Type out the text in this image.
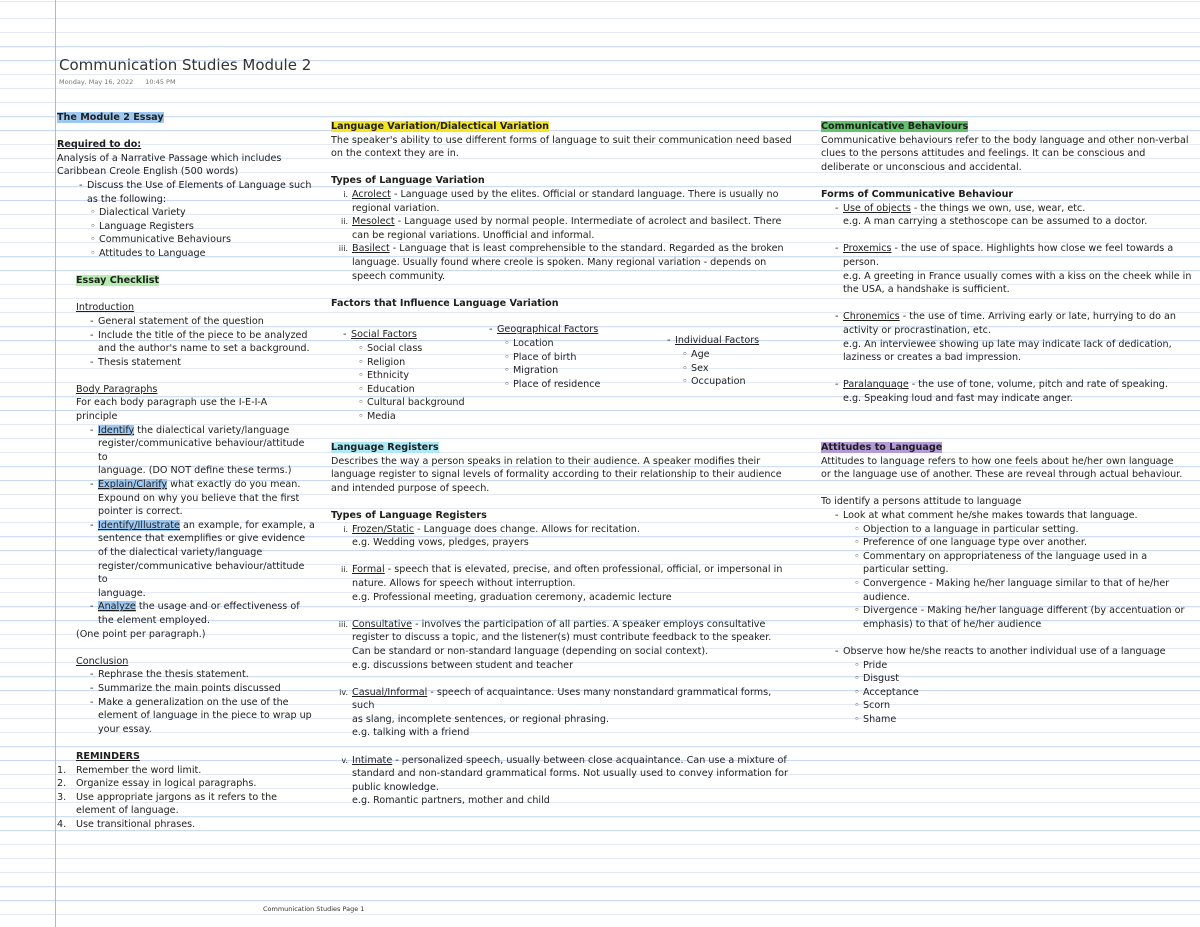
Communication Studies Module 2
Monday, May 16, 2022 10:45 PM
The Module 2 Essay
Required to do:
Analysis of a Narrative Passage which includes
Caribbean Creole English (500 words)
- Discuss the Use of Elements of Language such
as the following:
◦ Dialectical Variety
◦ Language Registers
◦ Communicative Behaviours
◦ Attitudes to Language
Essay Checklist
Introduction
- General statement of the question
- Include the title of the piece to be analyzed
and the author's name to set a background.
- Thesis statement
Body Paragraphs
For each body paragraph use the I-E-I-A
principle
- Identify the dialectical variety/language
register/communicative behaviour/attitude to
language. (DO NOT define these terms.)
- Explain/Clarify what exactly do you mean.
Expound on why you believe that the first
pointer is correct.
- Identify/Illustrate an example, for example, a
sentence that exemplifies or give evidence
of the dialectical variety/language
register/communicative behaviour/attitude to
language.
- Analyze the usage and or effectiveness of
the element employed.
(One point per paragraph.)
Conclusion
- Rephrase the thesis statement.
- Summarize the main points discussed
- Make a generalization on the use of the
element of language in the piece to wrap up
your essay.
REMINDERS
1. Remember the word limit.
2. Organize essay in logical paragraphs.
3. Use appropriate jargons as it refers to the
element of language.
4. Use transitional phrases.
Language Variation/Dialectical Variation
The speaker's ability to use different forms of language to suit their communication need based
on the context they are in.
Types of Language Variation
i. Acrolect - Language used by the elites. Official or standard language. There is usually no
regional variation.
ii. Mesolect - Language used by normal people. Intermediate of acrolect and basilect. There
can be regional variations. Unofficial and informal.
iii. Basilect - Language that is least comprehensible to the standard. Regarded as the broken
language. Usually found where creole is spoken. Many regional variation - depends on
speech community.
Factors that Influence Language Variation
- Social Factors
◦ Social class
◦ Religion
◦ Ethnicity
◦ Education
◦ Cultural background
◦ Media
- Geographical Factors
◦ Location
◦ Place of birth
◦ Migration
◦ Place of residence
- Individual Factors
◦ Age
◦ Sex
◦ Occupation
Communicative Behaviours
Communicative behaviours refer to the body language and other non-verbal
clues to the persons attitudes and feelings. It can be conscious and
deliberate or unconscious and accidental.
Forms of Communicative Behaviour
- Use of objects - the things we own, use, wear, etc.
e.g. A man carrying a stethoscope can be assumed to a doctor.
- Proxemics - the use of space. Highlights how close we feel towards a
person.
e.g. A greeting in France usually comes with a kiss on the cheek while in
the USA, a handshake is sufficient.
- Chronemics - the use of time. Arriving early or late, hurrying to do an
activity or procrastination, etc.
e.g. An interviewee showing up late may indicate lack of dedication,
laziness or creates a bad impression.
- Paralanguage - the use of tone, volume, pitch and rate of speaking.
e.g. Speaking loud and fast may indicate anger.
Language Registers
Describes the way a person speaks in relation to their audience. A speaker modifies their
language register to signal levels of formality according to their relationship to their audience
and intended purpose of speech.
Types of Language Registers
i. Frozen/Static - Language does change. Allows for recitation.
e.g. Wedding vows, pledges, prayers
ii. Formal - speech that is elevated, precise, and often professional, official, or impersonal in
nature. Allows for speech without interruption.
e.g. Professional meeting, graduation ceremony, academic lecture
iii. Consultative - involves the participation of all parties. A speaker employs consultative
register to discuss a topic, and the listener(s) must contribute feedback to the speaker.
Can be standard or non-standard language (depending on social context).
e.g. discussions between student and teacher
iv. Casual/Informal - speech of acquaintance. Uses many nonstandard grammatical forms, such
as slang, incomplete sentences, or regional phrasing.
e.g. talking with a friend
v. Intimate - personalized speech, usually between close acquaintance. Can use a mixture of
standard and non-standard grammatical forms. Not usually used to convey information for
public knowledge.
e.g. Romantic partners, mother and child
Attitudes to Language
Attitudes to language refers to how one feels about he/her own language
or the language use of another. These are reveal through actual behaviour.
To identify a persons attitude to language
- Look at what comment he/she makes towards that language.
◦ Objection to a language in particular setting.
◦ Preference of one language type over another.
◦ Commentary on appropriateness of the language used in a
particular setting.
◦ Convergence - Making he/her language similar to that of he/her
audience.
◦ Divergence - Making he/her language different (by accentuation or
emphasis) to that of he/her audience
- Observe how he/she reacts to another individual use of a language
◦ Pride
◦ Disgust
◦ Acceptance
◦ Scorn
◦ Shame
Communication Studies Page 1
